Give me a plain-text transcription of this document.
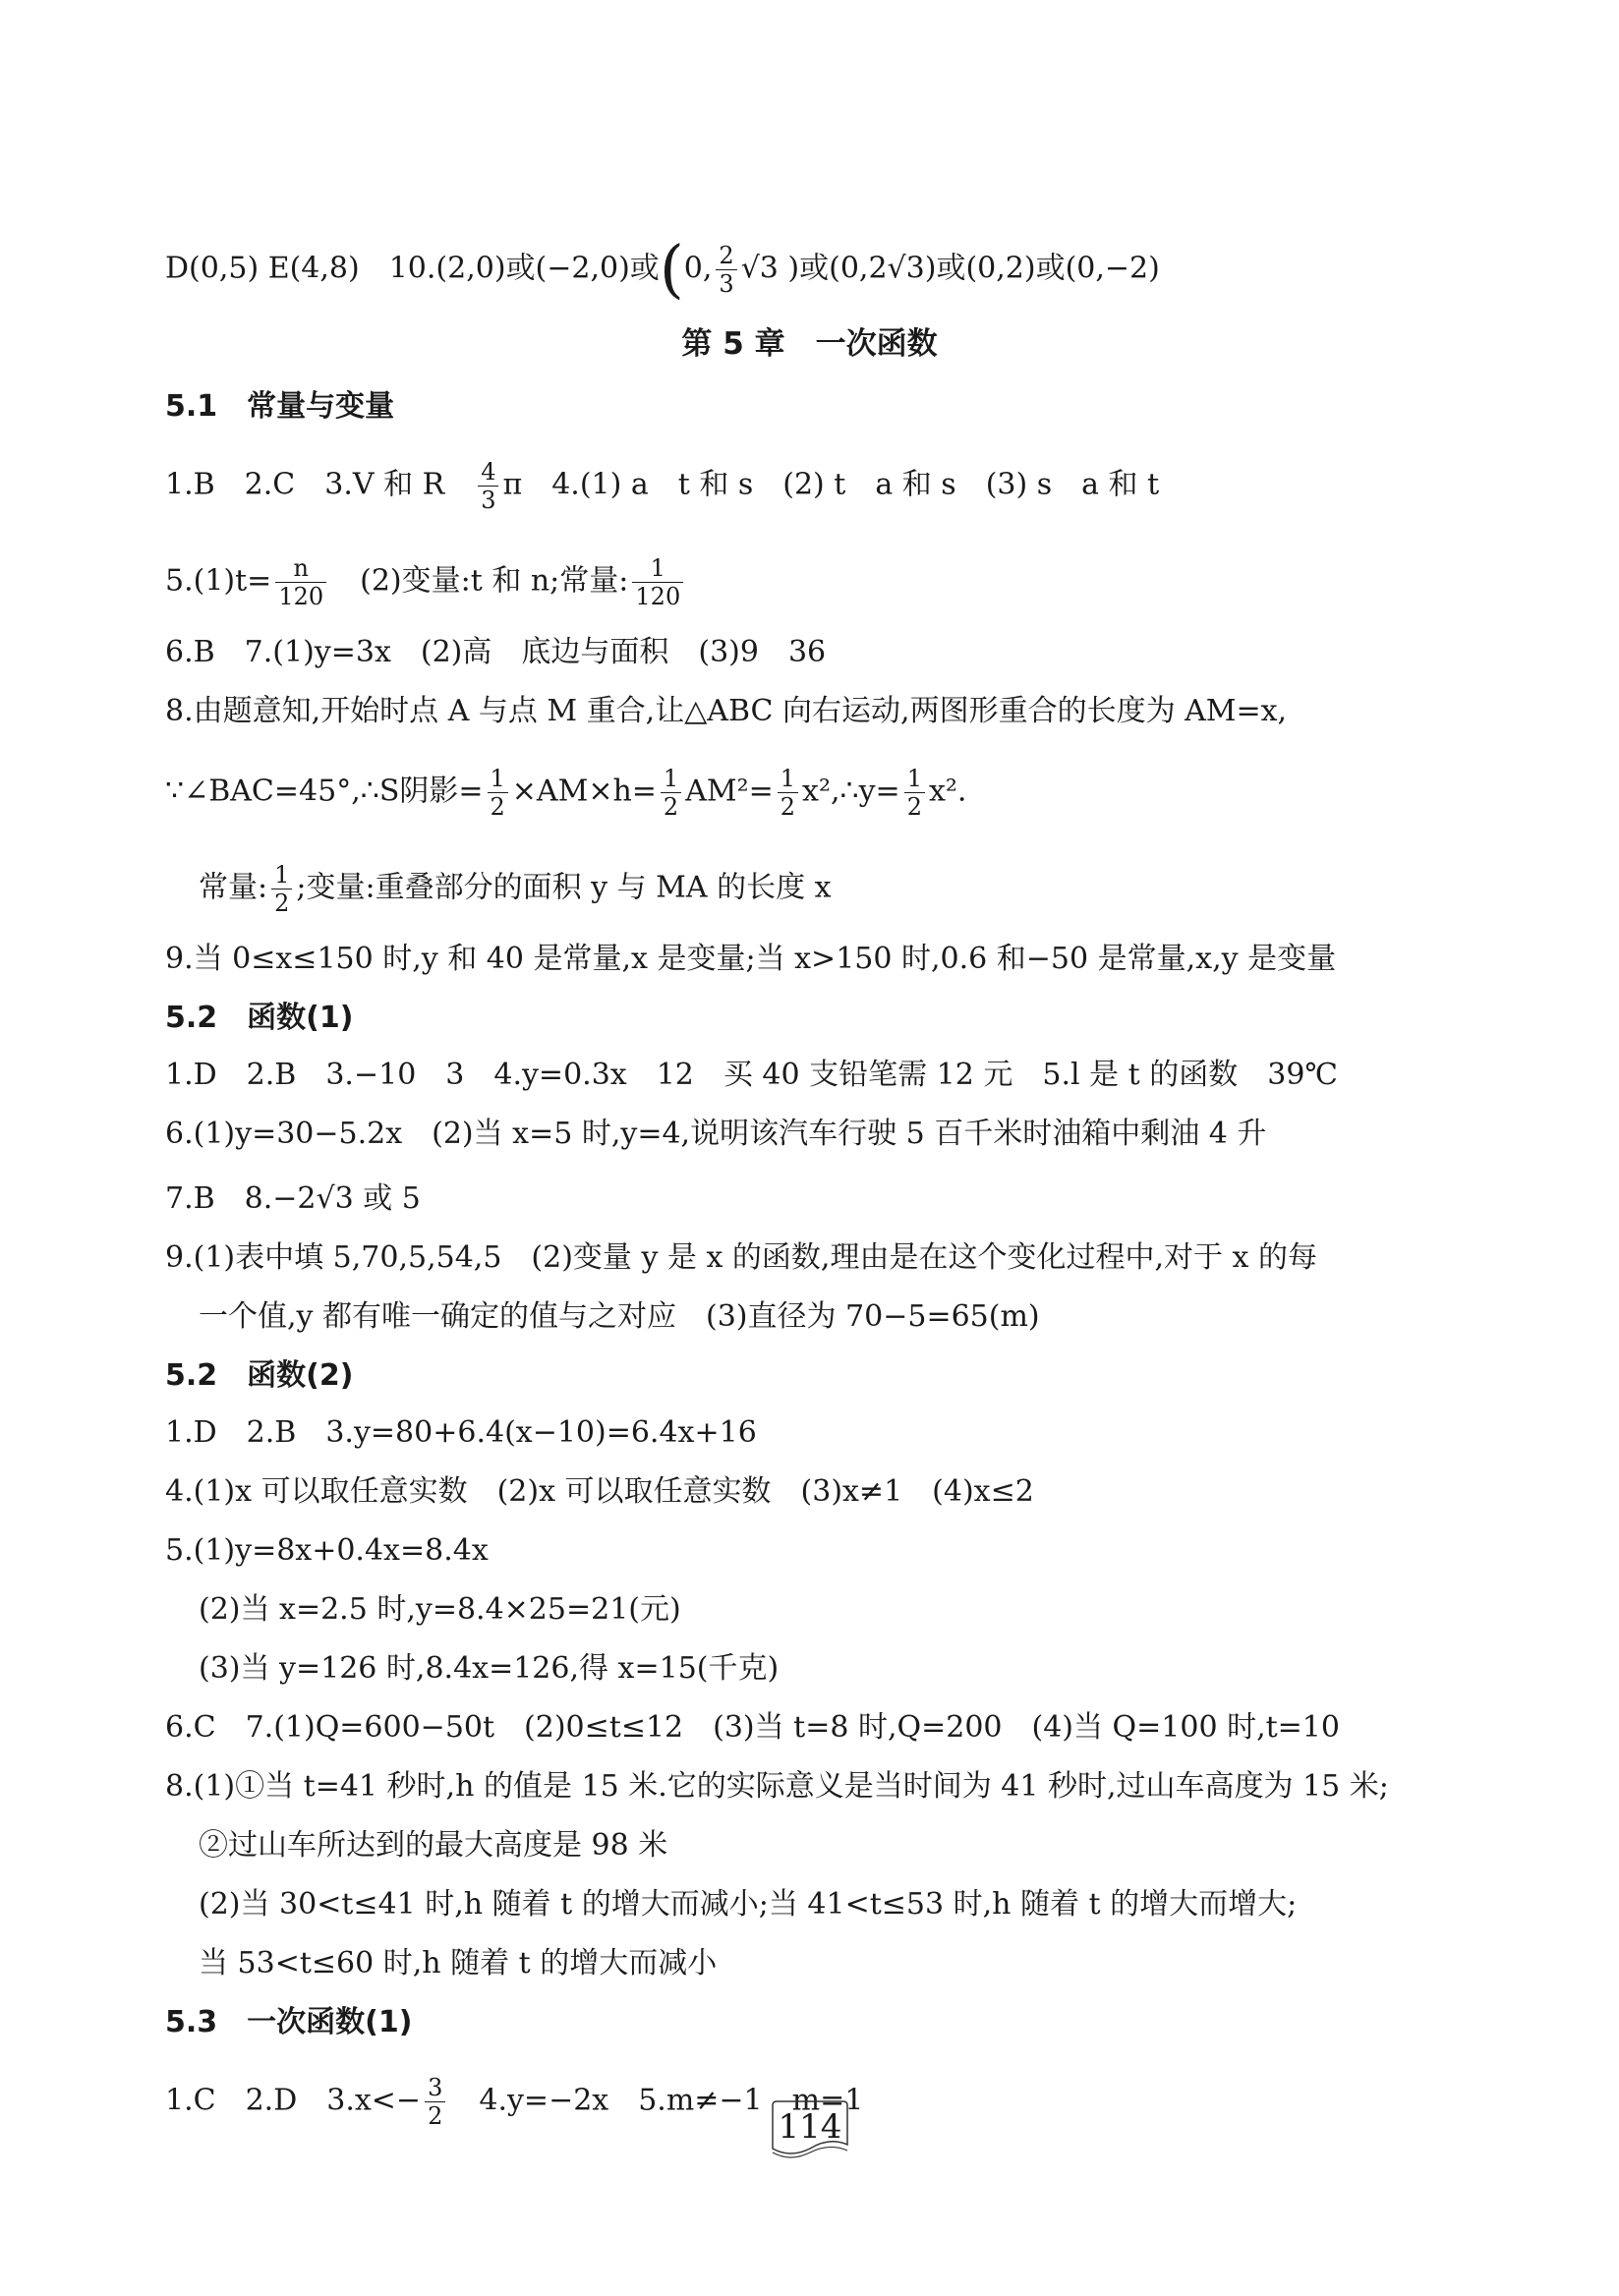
D(0,5) E(4,8)　10.(2,0)或(−2,0)或(0, $\frac{2}{3} √3$ )或(0,2√3)或(0,2)或(0,−2)
第 5 章　一次函数
5.1　常量与变量
1.B　2.C　3.V 和 R　 $\frac{4}{3}$ π　4.(1) a　t 和 s　(2) t　a 和 s　(3) s　a 和 t
$5.(1)t= \frac{n}{120}$ 　(2)变量:t 和 n;常量: $\frac{1}{120}$
6.B　7.(1)y=3x　(2)高　底边与面积　(3)9　36
8.由题意知,开始时点 A 与点 M 重合,让△ABC 向右运动,两图形重合的长度为 AM=x,
∵∠BAC=45°,∴S阴影= $\frac{1}{2} \times AM\times h= \frac{1}{2} AM^2= \frac{1}{2}$ x²,∴y= $\frac{1}{2} x^2$.
常量: $\frac{1}{2}$ ;变量:重叠部分的面积 y 与 MA 的长度 x
9.当 0≤x≤150 时,y 和 40 是常量,x 是变量;当 x>150 时,0.6 和−50 是常量,x,y 是变量
5.2　函数(1)
1.D　2.B　3.−10　3　4.y=0.3x　12　买 40 支铅笔需 12 元　5.l 是 t 的函数　39℃
6.(1)y=30−5.2x　(2)当 x=5 时,y=4,说明该汽车行驶 5 百千米时油箱中剩油 4 升
7.B　8.−2√3 或 5
9.(1)表中填 5,70,5,54,5　(2)变量 y 是 x 的函数,理由是在这个变化过程中,对于 x 的每
一个值,y 都有唯一确定的值与之对应　(3)直径为 70−5=65(m)
5.2　函数(2)
1.D　2.B　3.y=80+6.4(x−10)=6.4x+16
4.(1)x 可以取任意实数　(2)x 可以取任意实数　(3)x≠1　(4)x≤2
5.(1)y=8x+0.4x=8.4x
(2)当 x=2.5 时,y=8.4×25=21(元)
(3)当 y=126 时,8.4x=126,得 x=15(千克)
6.C　7.(1)Q=600−50t　(2)0≤t≤12　(3)当 t=8 时,Q=200　(4)当 Q=100 时,t=10
8.(1)①当 t=41 秒时,h 的值是 15 米.它的实际意义是当时间为 41 秒时,过山车高度为 15 米;
②过山车所达到的最大高度是 98 米
(2)当 30<t≤41 时,h 随着 t 的增大而减小;当 41<t≤53 时,h 随着 t 的增大而增大;
当 53<t≤60 时,h 随着 t 的增大而减小
5.3　一次函数(1)
1.C　2.D　$3.x<- \frac{3}{2}$ 　4.y=−2x　5.m≠−1　m=1
114
